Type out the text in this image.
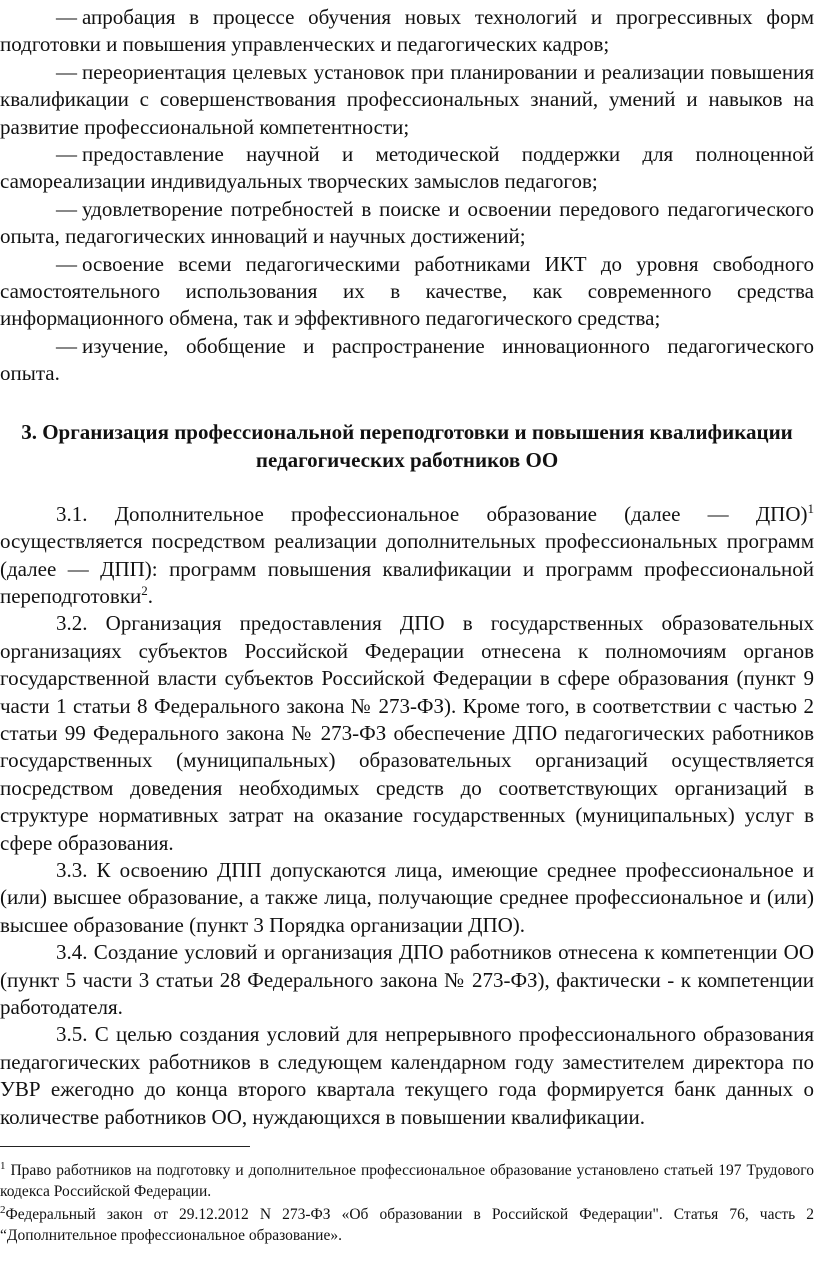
— апробация в процессе обучения новых технологий и прогрессивных форм подготовки и повышения управленческих и педагогических кадров;

— переориентация целевых установок при планировании и реализации повышения квалификации с совершенствования профессиональных знаний, умений и навыков на развитие профессиональной компетентности;

— предоставление научной и методической поддержки для полноценной самореализации индивидуальных творческих замыслов педагогов;

— удовлетворение потребностей в поиске и освоении передового педагогического опыта, педагогических инноваций и научных достижений;

— освоение всеми педагогическими работниками ИКТ до уровня свободного самостоятельного использования их в качестве, как современного средства информационного обмена, так и эффективного педагогического средства;

— изучение, обобщение и распространение инновационного педагогического опыта.

3. Организация профессиональной переподготовки и повышения квалификации педагогических работников ОО

3.1. Дополнительное профессиональное образование (далее — ДПО)$^1$ осуществляется посредством реализации дополнительных профессиональных программ (далее — ДПП): программ повышения квалификации и программ профессиональной переподготовки$^2$.

3.2. Организация предоставления ДПО в государственных образовательных организациях субъектов Российской Федерации отнесена к полномочиям органов государственной власти субъектов Российской Федерации в сфере образования (пункт 9 части 1 статьи 8 Федерального закона № 273-ФЗ). Кроме того, в соответствии с частью 2 статьи 99 Федерального закона № 273-ФЗ обеспечение ДПО педагогических работников государственных (муниципальных) образовательных организаций осуществляется посредством доведения необходимых средств до соответствующих организаций в структуре нормативных затрат на оказание государственных (муниципальных) услуг в сфере образования.

3.3. К освоению ДПП допускаются лица, имеющие среднее профессиональное и (или) высшее образование, а также лица, получающие среднее профессиональное и (или) высшее образование (пункт 3 Порядка организации ДПО).

3.4. Создание условий и организация ДПО работников отнесена к компетенции ОО (пункт 5 части 3 статьи 28 Федерального закона № 273-ФЗ), фактически - к компетенции работодателя.

3.5. С целью создания условий для непрерывного профессионального образования педагогических работников в следующем календарном году заместителем директора по УВР ежегодно до конца второго квартала текущего года формируется банк данных о количестве работников ОО, нуждающихся в повышении квалификации.

$^1$ Право работников на подготовку и дополнительное профессиональное образование установлено статьей 197 Трудового кодекса Российской Федерации.

$^2$Федеральный закон от 29.12.2012 N 273-ФЗ «Об образовании в Российской Федерации". Статья 76, часть 2 “Дополнительное профессиональное образование».
